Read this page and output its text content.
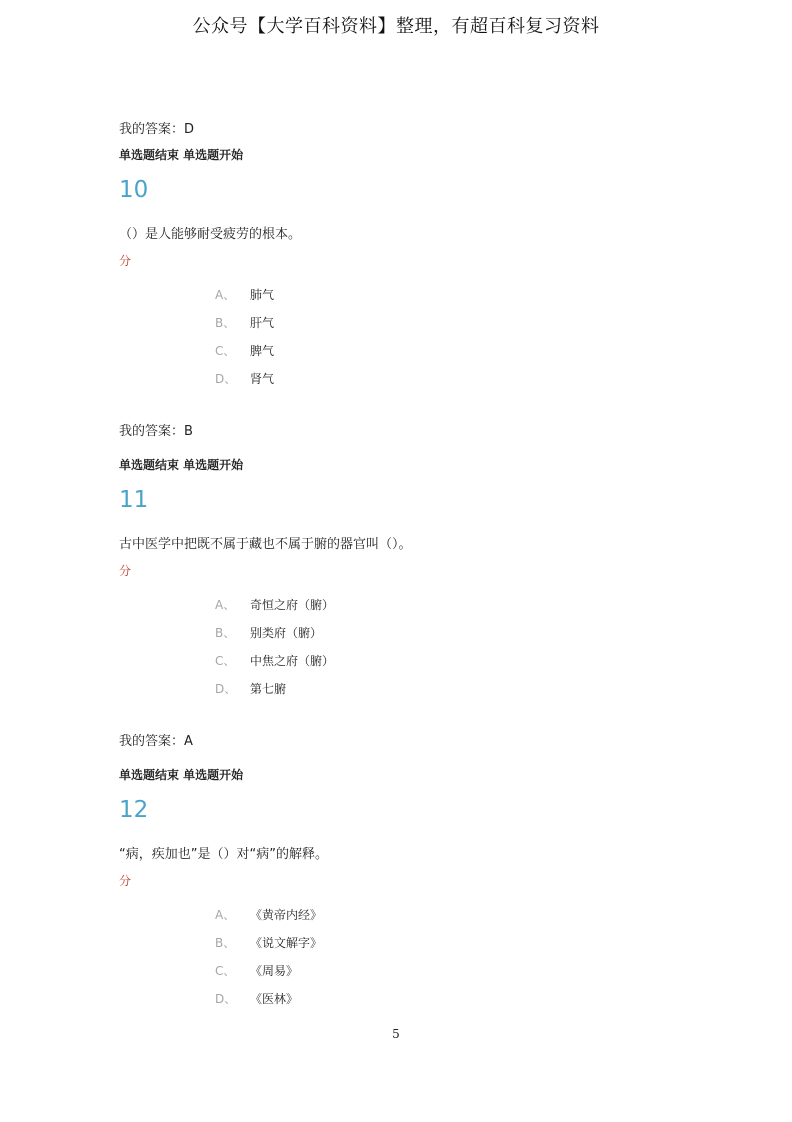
公众号【大学百科资料】整理，有超百科复习资料
我的答案：D
单选题结束 单选题开始
10
（）是人能够耐受疲劳的根本。
分
A、 肺气
B、 肝气
C、 脾气
D、 肾气
我的答案：B
单选题结束 单选题开始
11
古中医学中把既不属于藏也不属于腑的器官叫（）。
分
A、 奇恒之府（腑）
B、 别类府（腑）
C、 中焦之府（腑）
D、 第七腑
我的答案：A
单选题结束 单选题开始
12
“病，疾加也”是（）对“病”的解释。
分
A、 《黄帝内经》
B、 《说文解字》
C、 《周易》
D、 《医林》
5
